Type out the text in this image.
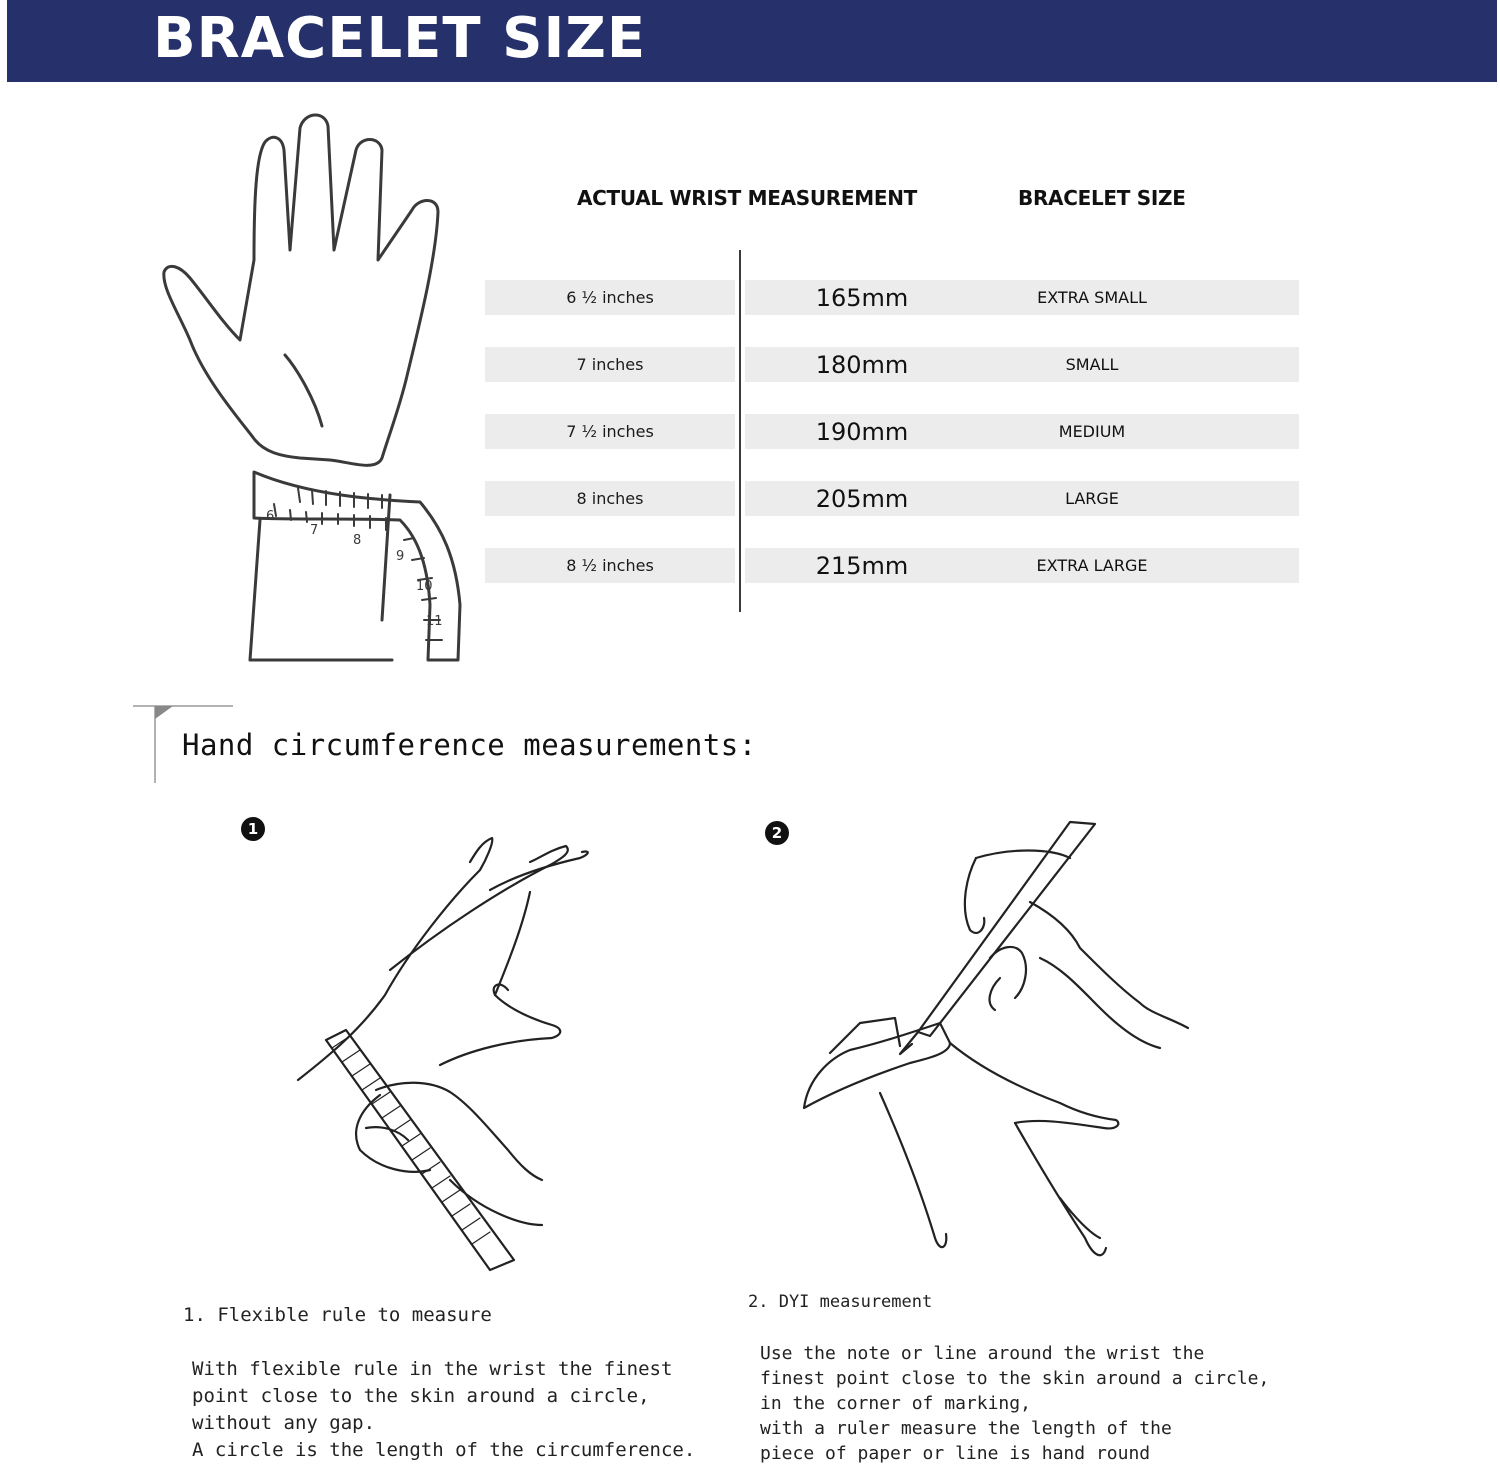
BRACELET SIZE
6
7
8
9
10
11
ACTUAL WRIST MEASUREMENT	BRACELET SIZE
6 ½ inches	165mm	EXTRA SMALL
7 inches	180mm	SMALL
7 ½ inches	190mm	MEDIUM
8 inches	205mm	LARGE
8 ½ inches	215mm	EXTRA LARGE
Hand circumference measurements:
1	2
1. Flexible rule to measure
With flexible rule in the wrist the finest
point close to the skin around a circle,
without any gap.
A circle is the length of the circumference.
2. DYI measurement
Use the note or line around the wrist the
finest point close to the skin around a circle,
in the corner of marking,
with a ruler measure the length of the
piece of paper or line is hand round
